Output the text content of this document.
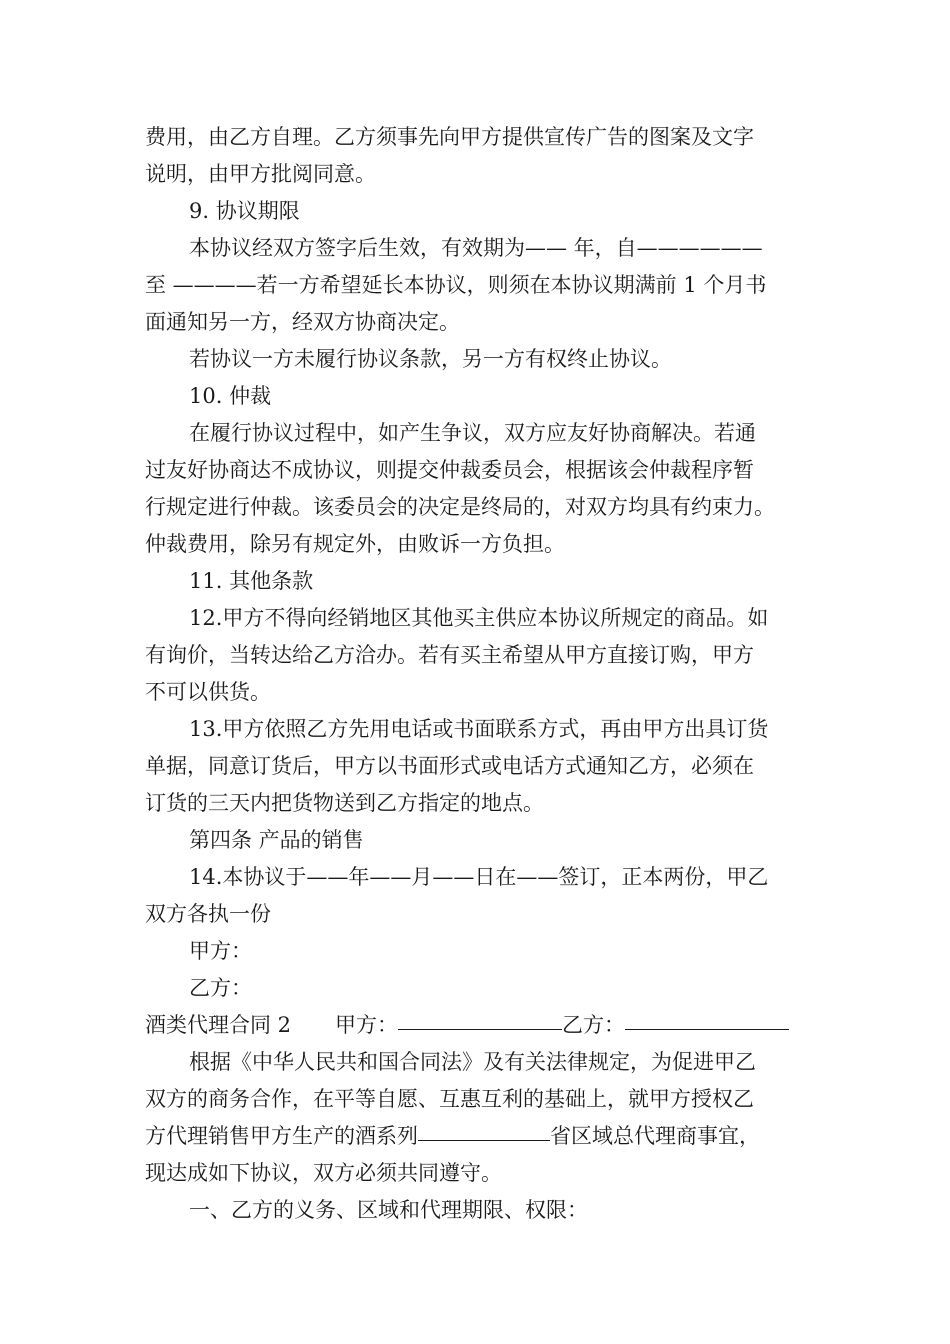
费用，由乙方自理。乙方须事先向甲方提供宣传广告的图案及文字
说明，由甲方批阅同意。
9. 协议期限
本协议经双方签字后生效，有效期为—— 年，自——————
至 ————若一方希望延长本协议，则须在本协议期满前 1 个月书
面通知另一方，经双方协商决定。
若协议一方未履行协议条款，另一方有权终止协议。
10. 仲裁
在履行协议过程中，如产生争议，双方应友好协商解决。若通
过友好协商达不成协议，则提交仲裁委员会，根据该会仲裁程序暂
行规定进行仲裁。该委员会的决定是终局的，对双方均具有约束力。
仲裁费用，除另有规定外，由败诉一方负担。
11. 其他条款
12.甲方不得向经销地区其他买主供应本协议所规定的商品。如
有询价，当转达给乙方洽办。若有买主希望从甲方直接订购，甲方
不可以供货。
13.甲方依照乙方先用电话或书面联系方式，再由甲方出具订货
单据，同意订货后，甲方以书面形式或电话方式通知乙方，必须在
订货的三天内把货物送到乙方指定的地点。
第四条 产品的销售
14.本协议于——年——月——日在——签订，正本两份，甲乙
双方各执一份
甲方：
乙方：
酒类代理合同 2 甲方：	乙方：
根据《中华人民共和国合同法》及有关法律规定，为促进甲乙
双方的商务合作，在平等自愿、互惠互利的基础上，就甲方授权乙
方代理销售甲方生产的酒系列	省区域总代理商事宜，
现达成如下协议，双方必须共同遵守。
一、乙方的义务、区域和代理期限、权限：
